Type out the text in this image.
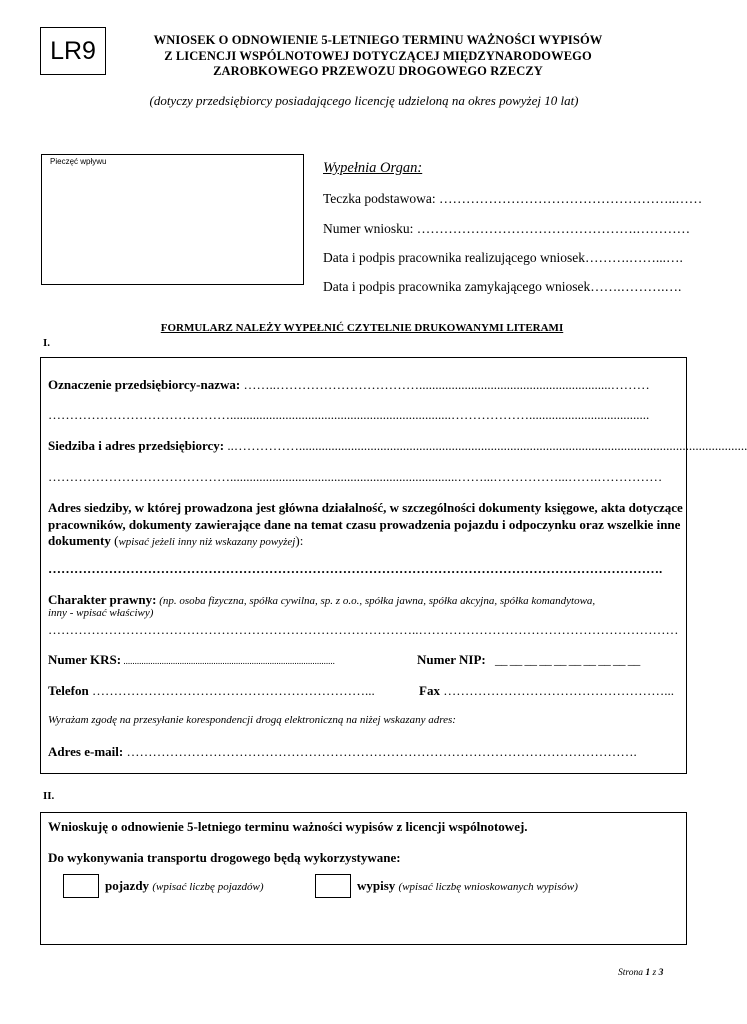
LR9	WNIOSEK O ODNOWIENIE 5-LETNIEGO TERMINU WAŻNOŚCI WYPISÓW
Z LICENCJI WSPÓLNOTOWEJ DOTYCZĄCEJ MIĘDZYNARODOWEGO
ZAROBKOWEGO PRZEWOZU DROGOWEGO RZECZY
(dotyczy przedsiębiorcy posiadającego licencję udzieloną na okres powyżej 10 lat)
Pieczęć wpływu	Wypełnia Organ:
Teczka podstawowa: ……………………………………………..……
Numer wniosku: ………………………………………….…………
Data i podpis pracownika realizującego wniosek……….……...….
Data i podpis pracownika zamykającego wniosek…….……….….
FORMULARZ NALEŻY WYPEŁNIĆ CZYTELNIE DRUKOWANYMI LITERAMI
I.
Oznaczenie przedsiębiorcy-nazwa: ……..……………………………...........................................................………
……………………………………....................................................................……………….....................................
Siedziba i adres przedsiębiorcy: ..……………..........................................................................................................................................
……………………………………......................................................................……...……………...…….……………
Adres siedziby, w której prowadzona jest główna działalność, w szczególności dokumenty księgowe, akta dotyczące pracowników, dokumenty zawierające dane na temat czasu prowadzenia pojazdu i odpoczynku oraz wszelkie inne dokumenty (wpisać jeżeli inny niż wskazany powyżej):
…………………………………………………………………………………………………………………………….
Charakter prawny: (np. osoba fizyczna, spółka cywilna, sp. z o.o., spółka jawna, spółka akcyjna, spółka komandytowa,
inny - wpisać właściwy)
…………………………………………………………………………..……………………………………………………
Numer KRS: ..............................................................................................	Numer NIP: __ __ __ __ __ __ __ __ __ __
Telefon ………………………………………………………...	Fax ……………………………………………...
Wyrażam zgodę na przesyłanie korespondencji drogą elektroniczną na niżej wskazany adres:
Adres e-mail: ……………………………………………………………………………………………………….
II.
Wnioskuję o odnowienie 5-letniego terminu ważności wypisów z licencji wspólnotowej.
Do wykonywania transportu drogowego będą wykorzystywane:
pojazdy (wpisać liczbę pojazdów)	wypisy (wpisać liczbę wnioskowanych wypisów)
Strona 1 z 3
